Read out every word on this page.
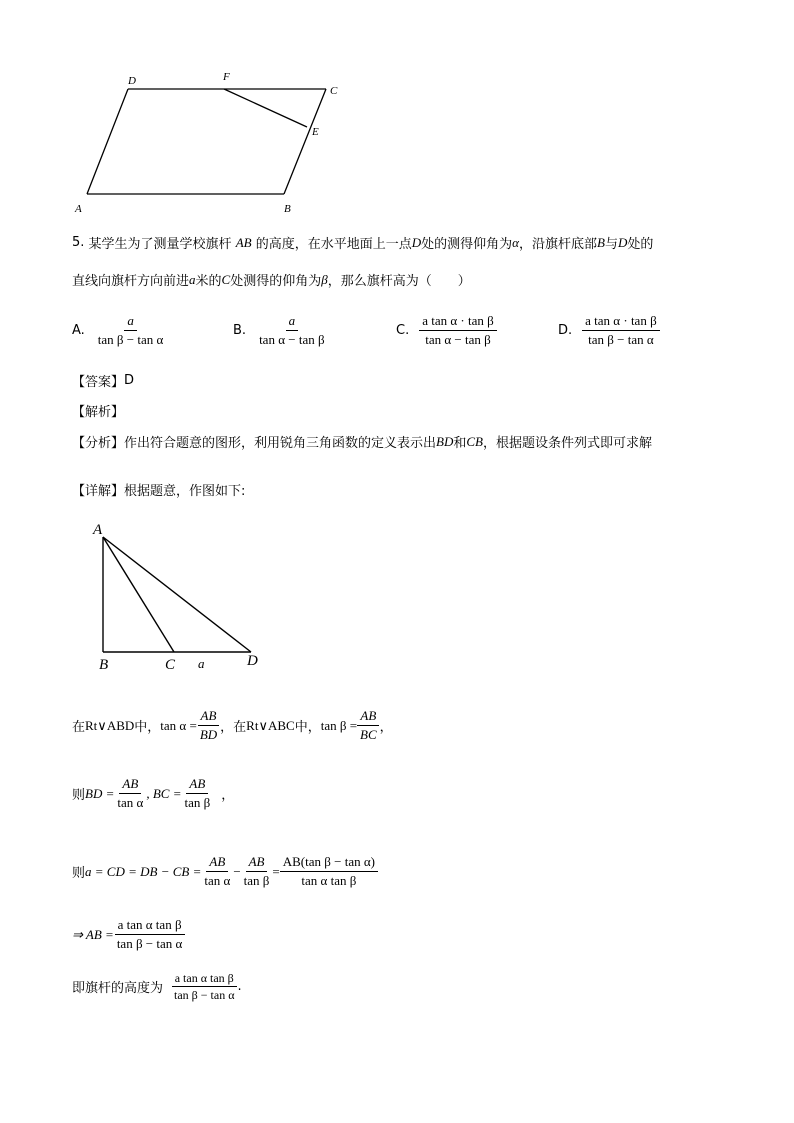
A	B
C
D
E
F
5.
某学生为了测量学校旗杆
AB
的高度，在水平地面上一点 D 处的测得仰角为 α ，沿旗杆底部 B 与 D 处的
直线向旗杆方向前进 a 米的 C 处测得的仰角为 β ，那么旗杆高为（　　）
A. $\frac{a}{\text{tan β − tan α}}$	B. $\frac{a}{\text{tan α − tan β}}$	C. $\frac{\text{a tan α · tan β}}{\text{tan α − tan β}}$	D. $\frac{\text{a tan α · tan β}}{\text{tan β − tan α}}$
【答案】 D
【解析】
【分析】 作出符合题意的图形，利用锐角三角函数的定义表示出 BD 和 CB ，根据题设条件列式即可求解
【详解】 根据题意，作图如下:
A
B	C	D
a
在 Rt∨ABD 中， $\tan \alpha = \frac{AB}{BD}$ ，在 Rt∨ABC 中， $\tan \beta = \frac{AB}{BC}$ ，
则 BD = $\frac{AB}{\text{tan α}}$ , BC = $\frac{AB}{\text{tan β}}$ ，
则 a = CD = DB − CB = $\frac{AB}{\text{tan α}} - \frac{AB}{\text{tan β}} = \frac{\text{AB(tan β − tan α)}}{\text{tan α tan β}}$
⇒ AB = $\frac{\text{a tan α tan β}}{\text{tan β − tan α}}$
即旗杆的高度为 $\frac{\text{a tan α tan β}}{\text{tan β − tan α}}$ .
